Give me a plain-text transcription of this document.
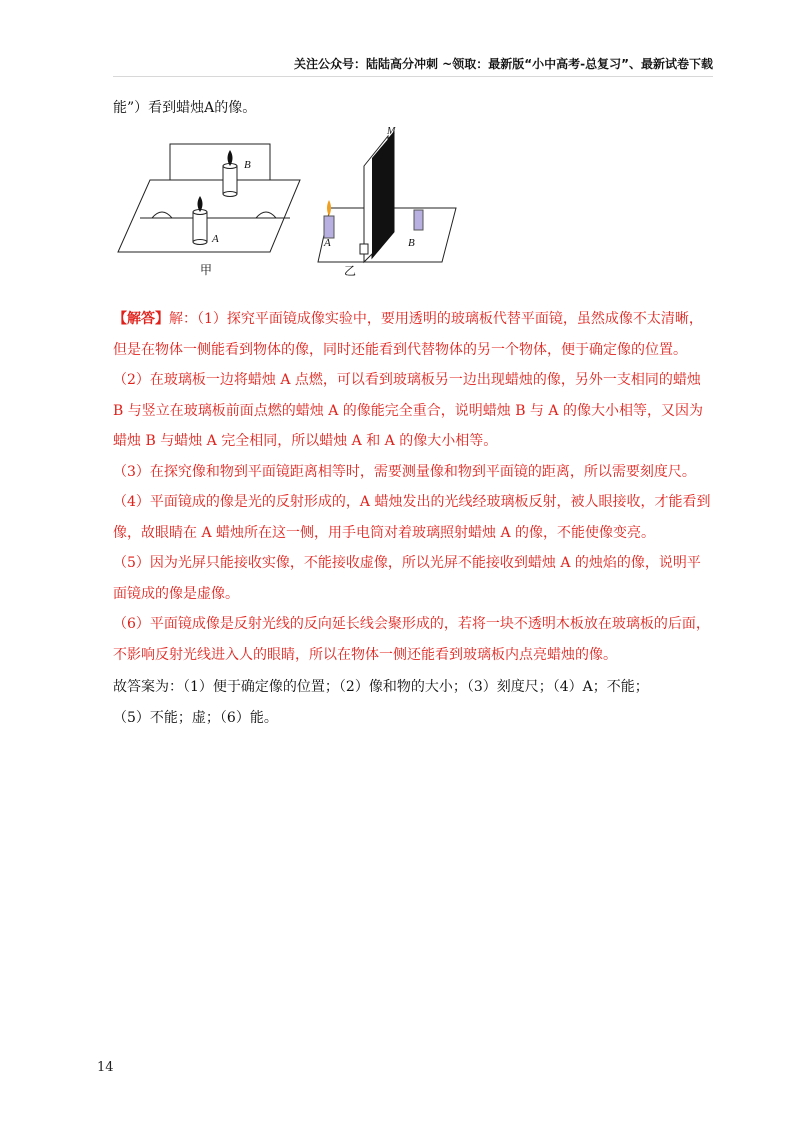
关注公众号：陆陆高分冲刺 ~领取：最新版“小中高考-总复习”、最新试卷下载
能”）看到蜡烛A的像。
B
A
甲
M
A	B
乙

【解答】解：（1）探究平面镜成像实验中，要用透明的玻璃板代替平面镜，虽然成像不太清晰，但是在物体一侧能看到物体的像，同时还能看到代替物体的另一个物体，便于确定像的位置。

（2）在玻璃板一边将蜡烛 A 点燃，可以看到玻璃板另一边出现蜡烛的像，另外一支相同的蜡烛 B 与竖立在玻璃板前面点燃的蜡烛 A 的像能完全重合，说明蜡烛 B 与 A 的像大小相等，又因为蜡烛 B 与蜡烛 A 完全相同，所以蜡烛 A 和 A 的像大小相等。

（3）在探究像和物到平面镜距离相等时，需要测量像和物到平面镜的距离，所以需要刻度尺。

（4）平面镜成的像是光的反射形成的，A 蜡烛发出的光线经玻璃板反射，被人眼接收，才能看到像，故眼睛在 A 蜡烛所在这一侧，用手电筒对着玻璃照射蜡烛 A 的像，不能使像变亮。

（5）因为光屏只能接收实像，不能接收虚像，所以光屏不能接收到蜡烛 A 的烛焰的像，说明平面镜成的像是虚像。

（6）平面镜成像是反射光线的反向延长线会聚形成的，若将一块不透明木板放在玻璃板的后面，不影响反射光线进入人的眼睛，所以在物体一侧还能看到玻璃板内点亮蜡烛的像。

故答案为：（1）便于确定像的位置；（2）像和物的大小；（3）刻度尺；（4）A；不能；

（5）不能；虚；（6）能。

14
